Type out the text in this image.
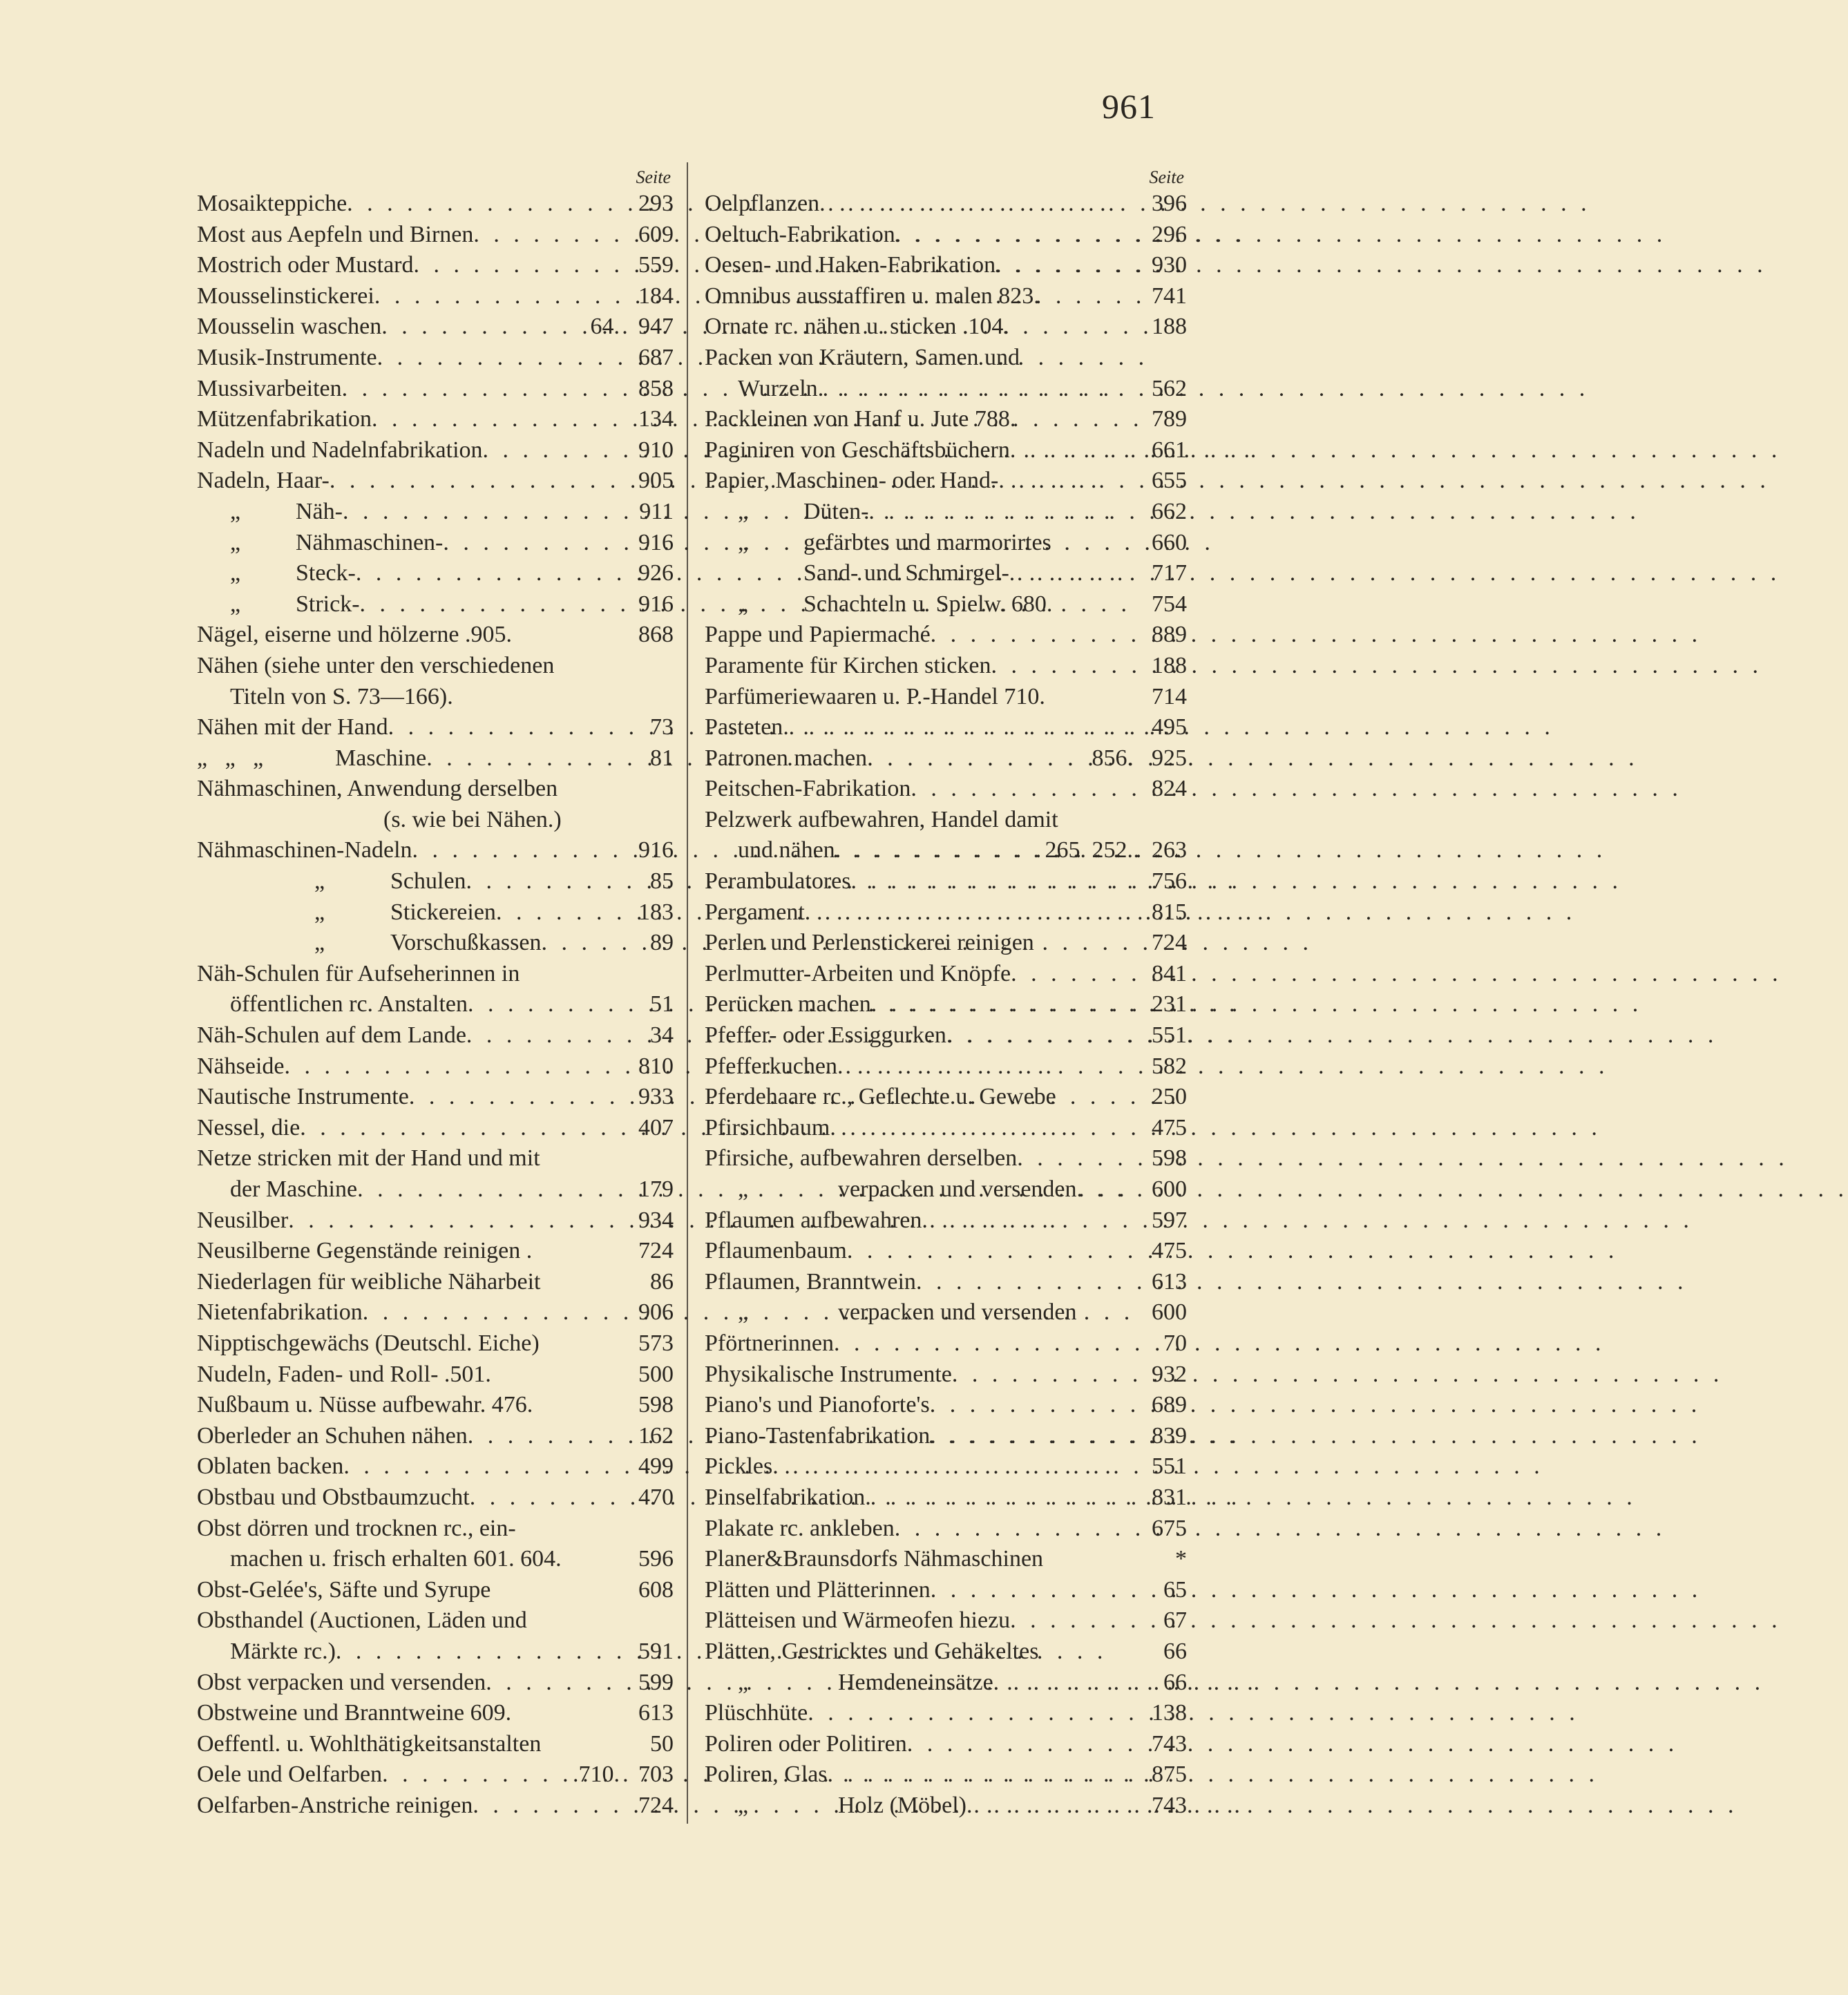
961
Seite
Mosaikteppiche . . .	293
Most aus Aepfeln und Birnen . . .	609
Mostrich oder Mustard . . .	559
Mousselinstickerei . . .	184
Mousselin waschen . . .	64. 947
Musik-Instrumente . . .	687
Mussivarbeiten . . .	858
Mützenfabrikation . . .	134
Nadeln und Nadelnfabrikation . . .	910
Nadeln, Haar- . . .	905
„ Näh- . . .	911
„ Nähmaschinen- . . .	916
„ Steck- . . .	926
„ Strick- . . .	916
Nägel, eiserne und hölzerne .905.	868
Nähen (siehe unter den verschiedenen
Titeln von S. 73—166).
Nähen mit der Hand . . .	73
„   „   „	Maschine . . .	81
Nähmaschinen, Anwendung derselben
(s. wie bei Nähen.)
Nähmaschinen-Nadeln . . .	916
„	Schulen . . .	85
„	Stickereien . . .	183
„	Vorschußkassen . . .	89
Näh-Schulen für Aufseherinnen in
öffentlichen rc. Anstalten . . .	51
Näh-Schulen auf dem Lande . . .	34
Nähseide . . .	810
Nautische Instrumente . . .	933
Nessel, die . . .	407
Netze stricken mit der Hand und mit
der Maschine . . .	179
Neusilber . . .	934
Neusilberne Gegenstände reinigen .	724
Niederlagen für weibliche Näharbeit	86
Nietenfabrikation . . .	906
Nipptischgewächs (Deutschl. Eiche)	573
Nudeln, Faden- und Roll- .501.	500
Nußbaum u. Nüsse aufbewahr. 476.	598
Oberleder an Schuhen nähen . . .	162
Oblaten backen . . .	499
Obstbau und Obstbaumzucht . . .	470
Obst dörren und trocknen rc., ein-
machen u. frisch erhalten 601. 604.	596
Obst-Gelée's, Säfte und Syrupe	608
Obsthandel (Auctionen, Läden und
Märkte rc.) . . .	591
Obst verpacken und versenden . . .	599
Obstweine und Branntweine 609.	613
Oeffentl. u. Wohlthätigkeitsanstalten	50
Oele und Oelfarben . . .	.710. 703
Oelfarben-Anstriche reinigen . . .	724
Seite
Oelpflanzen . . .	396
Oeltuch-Fabrikation . . .	296
Oesen- und Haken-Fabrikation . . .	930
Omnibus ausstaffiren u. malen 823.	741
Ornate rc. nähen u. sticken .104.	188
Packen von Kräutern, Samen und
Wurzeln . . .	562
Packleinen von Hanf u. Jute 788.	789
Paginiren von Geschäftsbüchern . . .	661
Papier, Maschinen- oder Hand- . . .	655
„ Düten- . . .	662
„ gefärbtes und marmorirtes	660
Sand- und Schmirgel- . . .	717
„ Schachteln u. Spielw. 680.	754
Pappe und Papiermaché . . .	889
Paramente für Kirchen sticken . . .	188
Parfümeriewaaren u. P.-Handel 710.	714
Pasteten . . .	495
Patronen machen . . .	856. 925
Peitschen-Fabrikation . . .	824
Pelzwerk aufbewahren, Handel damit
und nähen . . .	265. 252. 263
Perambulatores . . .	756
Pergament . . .	815
Perlen und Perlenstickerei reinigen	724
Perlmutter-Arbeiten und Knöpfe . . .	841
Perücken machen . . .	231
Pfeffer- oder Essiggurken . . .	551
Pfefferkuchen . . .	582
Pferdehaare rc., Geflechte u. Gewebe	250
Pfirsichbaum . . .	475
Pfirsiche, aufbewahren derselben . . .	598
„	verpacken und versenden . . .	600
Pflaumen aufbewahren . . .	597
Pflaumenbaum . . .	475
Pflaumen, Branntwein . . .	613
„	verpacken und versenden	600
Pförtnerinnen . . .	70
Physikalische Instrumente . . .	932
Piano's und Pianoforte's . . .	689
Piano-Tastenfabrikation . . .	839
Pickles . . .	551
Pinselfabrikation . . .	831
Plakate rc. ankleben . . .	675
Planer&Braunsdorfs Nähmaschinen	*
Plätten und Plätterinnen . . .	65
Plätteisen und Wärmeofen hiezu . . .	67
Plätten, Gestricktes und Gehäkeltes	66
„	Hemdeneinsätze . . .	66
Plüschhüte . . .	138
Poliren oder Politiren . . .	743
Poliren, Glas . . .	875
„	Holz (Möbel) . . .	743
